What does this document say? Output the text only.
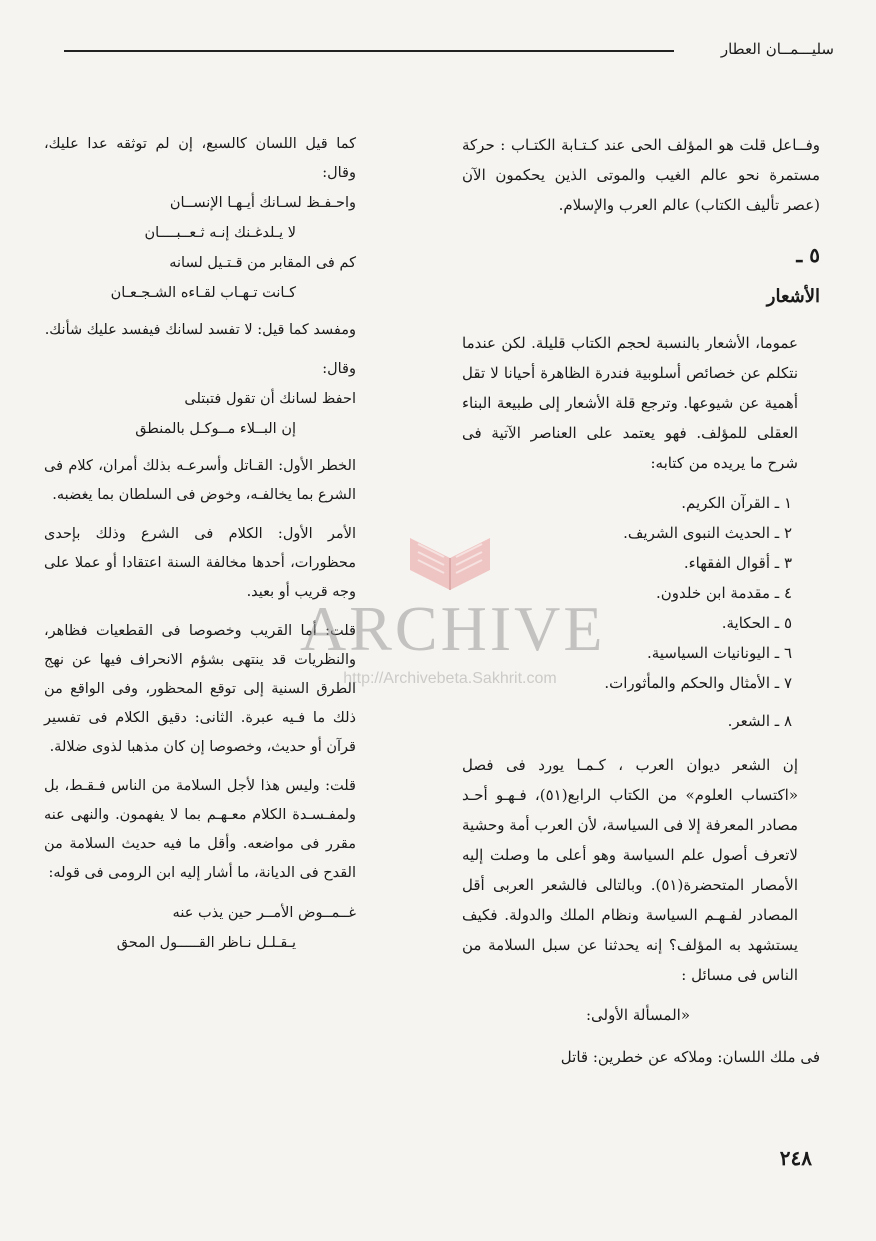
سليـــمــان العطار
وفــاعل قلت هو المؤلف الحى عند كـتـابة الكتـاب : حركة مستمرة نحو عالم الغيب والموتى الذين يحكمون الآن (عصر تأليف الكتاب) عالم العرب والإسلام.
٥ ـ
الأشعار
عموما، الأشعار بالنسبة لحجم الكتاب قليلة. لكن عندما نتكلم عن خصائص أسلوبية فندرة الظاهرة أحيانا لا تقل أهمية عن شيوعها. وترجع قلة الأشعار إلى طبيعة البناء العقلى للمؤلف. فهو يعتمد على العناصر الآتية فى شرح ما يريده من كتابه:
١ ـ القرآن الكريم.
٢ ـ الحديث النبوى الشريف.
٣ ـ أقوال الفقهاء.
٤ ـ مقدمة ابن خلدون.
٥ ـ الحكاية.
٦ ـ اليونانيات السياسية.
٧ ـ الأمثال والحكم والمأثورات.
٨ ـ الشعر.
إن الشعر ديوان العرب ، كـمـا يورد فى فصل «اكتساب العلوم» من الكتاب الرابع(٥١)، فـهـو أحـد مصادر المعرفة إلا فى السياسة، لأن العرب أمة وحشية لاتعرف أصول علم السياسة وهو أعلى ما وصلت إليه الأمصار المتحضرة(٥١). وبالتالى فالشعر العربى أقل المصادر لفـهـم السياسة ونظام الملك والدولة. فكيف يستشهد به المؤلف؟ إنه يحدثنا عن سبل السلامة من الناس فى مسائل :
«المسألة الأولى:
فى ملك اللسان: وملاكه عن خطرين: قاتل
كما قيل اللسان كالسبع، إن لم توثقه عدا عليك، وقال:
واحـفـظ لسـانك أيـهـا الإنســان
لا يـلدغـنك إنـه ثـعــبــــان
كم فى المقابر من قـتـيل لسانه
كـانت تـهـاب لقـاءه الشـجـعـان
ومفسد كما قيل: لا تفسد لسانك فيفسد عليك شأنك.
وقال:
احفظ لسانك أن تقول فتبتلى
إن البــلاء مــوكـل بالمنطق
الخطر الأول: القـاتل وأسرعـه بذلك أمران، كلام فى الشرع بما يخالفـه، وخوض فى السلطان بما يغضبه.
الأمر الأول: الكلام فى الشرع وذلك بإحدى محظورات، أحدها مخالفة السنة اعتقادا أو عملا على وجه قريب أو بعيد.
قلت: أما القريب وخصوصا فى القطعيات فظاهر، والنظريات قد ينتهى بشؤم الانحراف فيها عن نهج الطرق السنية إلى توقع المحظور، وفى الواقع من ذلك ما فـيه عبرة. الثانى: دقيق الكلام فى تفسير قرآن أو حديث، وخصوصا إن كان مذهبا لذوى ضلالة.
قلت: وليس هذا لأجل السلامة من الناس فـقـط، بل ولمفـسـدة الكلام معـهـم بما لا يفهمون. والنهى عنه مقرر فى مواضعه. وأقل ما فيه حديث السلامة من القدح فى الديانة، ما أشار إليه ابن الرومى فى قوله:
غــمــوض الأمــر حين يذب عنه
يـقـلـل نـاظر القـــــول المحق
٢٤٨
ARCHIVE
http://Archivebeta.Sakhrit.com
